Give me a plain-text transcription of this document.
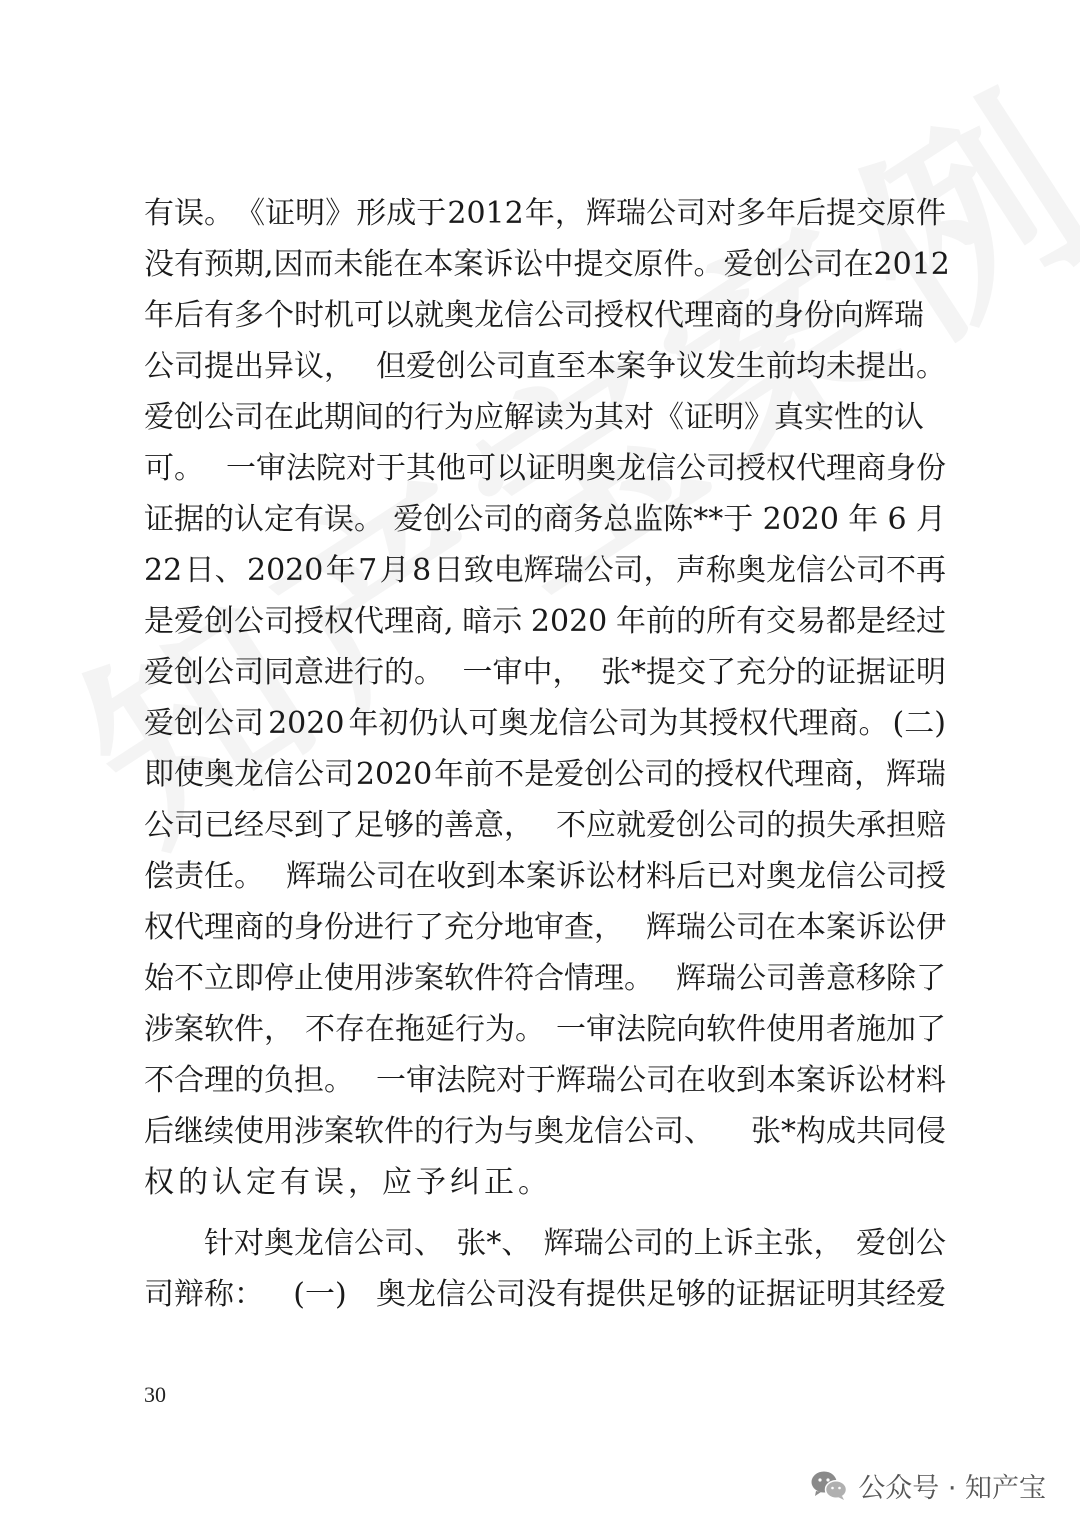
有误。 《证明》 形成于 2012 年， 辉瑞公司对多年后提交原件
没有预期, 因而未能在本案诉讼中提交原件。 爱创公司在 2012
年后有多个时机可以就奥龙信公司授权代理商的身份向辉瑞
公司提出异议， 但爱创公司直至本案争议发生前均未提出。
爱创公司在此期间的行为应解读为其对《证明》真实性的认
可。 一审法院对于其他可以证明奥龙信公司授权代理商身份
证据的认定有误。 爱创公司的商务总监陈**于 2020 年 6 月
22 日、 2020 年 7 月 8 日致电辉瑞公司， 声称奥龙信公司不再
是爱创公司授权代理商, 暗示 2020 年前的所有交易都是经过
爱创公司同意进行的。 一审中， 张*提交了充分的证据证明
爱创公司 2020 年初仍认可奥龙信公司为其授权代理商。 (二)
即使奥龙信公司 2020 年前不是爱创公司的授权代理商， 辉瑞
公司已经尽到了足够的善意， 不应就爱创公司的损失承担赔
偿责任。 辉瑞公司在收到本案诉讼材料后已对奥龙信公司授
权代理商的身份进行了充分地审查， 辉瑞公司在本案诉讼伊
始不立即停止使用涉案软件符合情理。 辉瑞公司善意移除了
涉案软件， 不存在拖延行为。 一审法院向软件使用者施加了
不合理的负担。 一审法院对于辉瑞公司在收到本案诉讼材料
后继续使用涉案软件的行为与奥龙信公司、 张*构成共同侵
权的认定有误， 应予纠正。
针对奥龙信公司、 张*、 辉瑞公司的上诉主张， 爱创公
司辩称： (一) 奥龙信公司没有提供足够的证据证明其经爱
30
公众号 · 知产宝
